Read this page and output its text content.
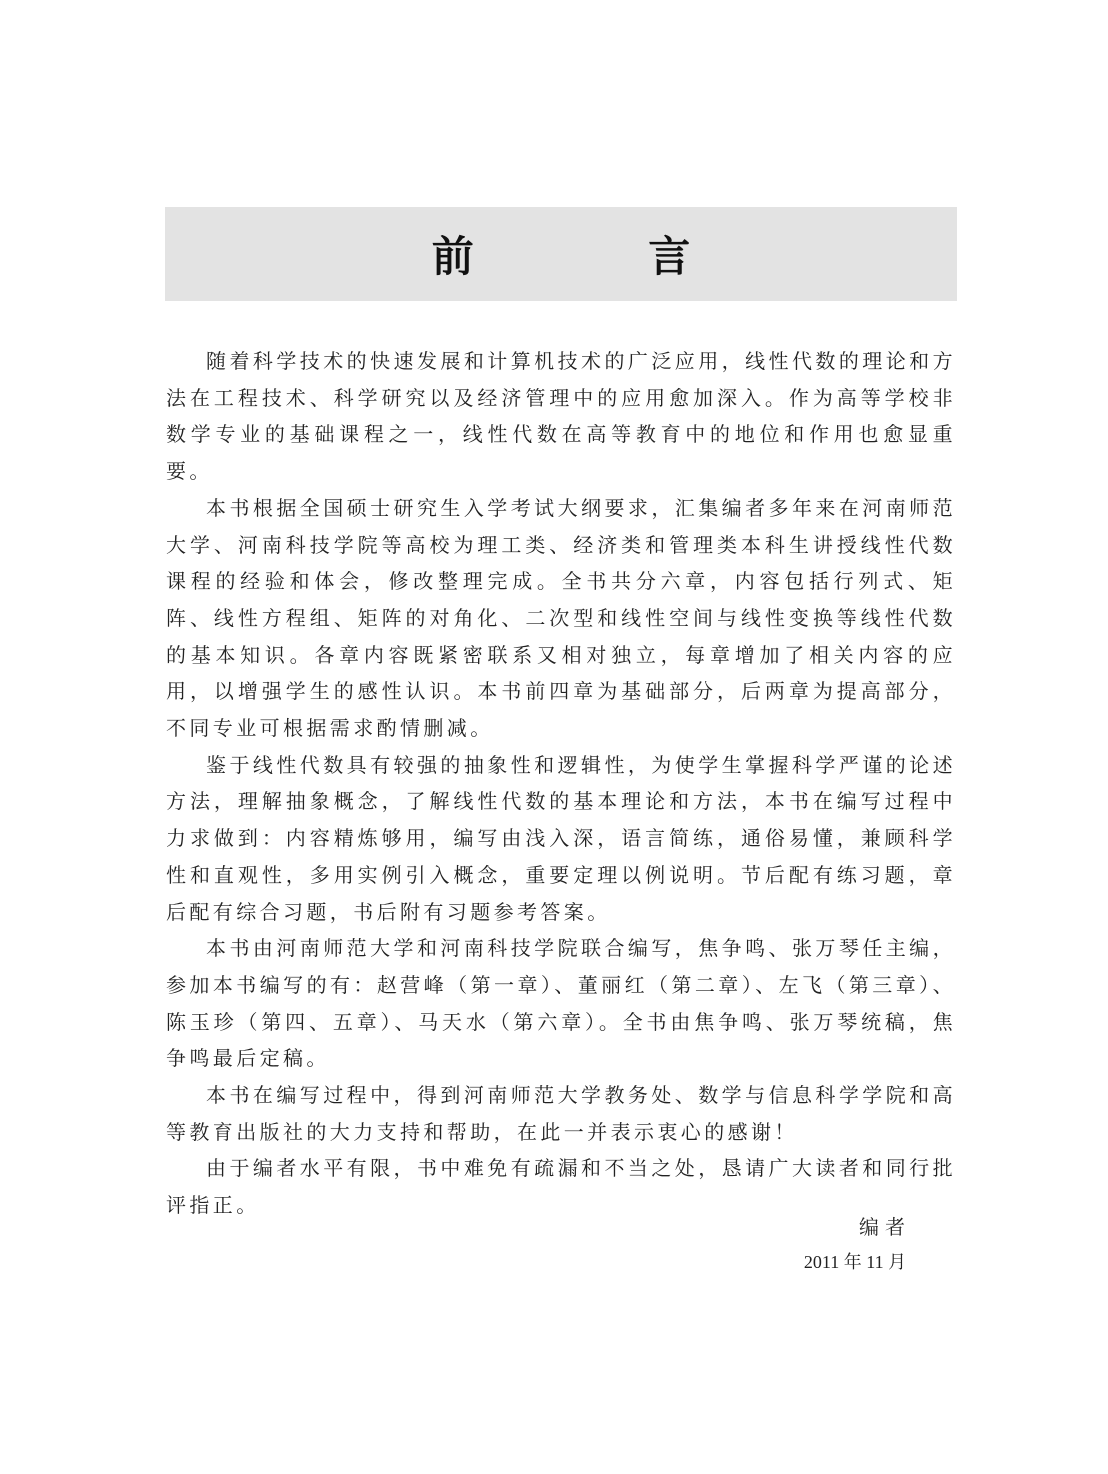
前 言

随着科学技术的快速发展和计算机技术的广泛应用，线性代数的理论和方法在工程技术、科学研究以及经济管理中的应用愈加深入。作为高等学校非数学专业的基础课程之一，线性代数在高等教育中的地位和作用也愈显重要。

本书根据全国硕士研究生入学考试大纲要求，汇集编者多年来在河南师范大学、河南科技学院等高校为理工类、经济类和管理类本科生讲授线性代数课程的经验和体会，修改整理完成。全书共分六章，内容包括行列式、矩阵、线性方程组、矩阵的对角化、二次型和线性空间与线性变换等线性代数的基本知识。各章内容既紧密联系又相对独立，每章增加了相关内容的应用，以增强学生的感性认识。本书前四章为基础部分，后两章为提高部分，不同专业可根据需求酌情删减。

鉴于线性代数具有较强的抽象性和逻辑性，为使学生掌握科学严谨的论述方法，理解抽象概念，了解线性代数的基本理论和方法，本书在编写过程中力求做到：内容精炼够用，编写由浅入深，语言简练，通俗易懂，兼顾科学性和直观性，多用实例引入概念，重要定理以例说明。节后配有练习题，章后配有综合习题，书后附有习题参考答案。

本书由河南师范大学和河南科技学院联合编写，焦争鸣、张万琴任主编，参加本书编写的有：赵营峰（第一章）、董丽红（第二章）、左飞（第三章）、陈玉珍（第四、五章）、马天水（第六章）。全书由焦争鸣、张万琴统稿，焦争鸣最后定稿。

本书在编写过程中，得到河南师范大学教务处、数学与信息科学学院和高等教育出版社的大力支持和帮助，在此一并表示衷心的感谢！

由于编者水平有限，书中难免有疏漏和不当之处，恳请广大读者和同行批评指正。

编者
2011 年 11 月
